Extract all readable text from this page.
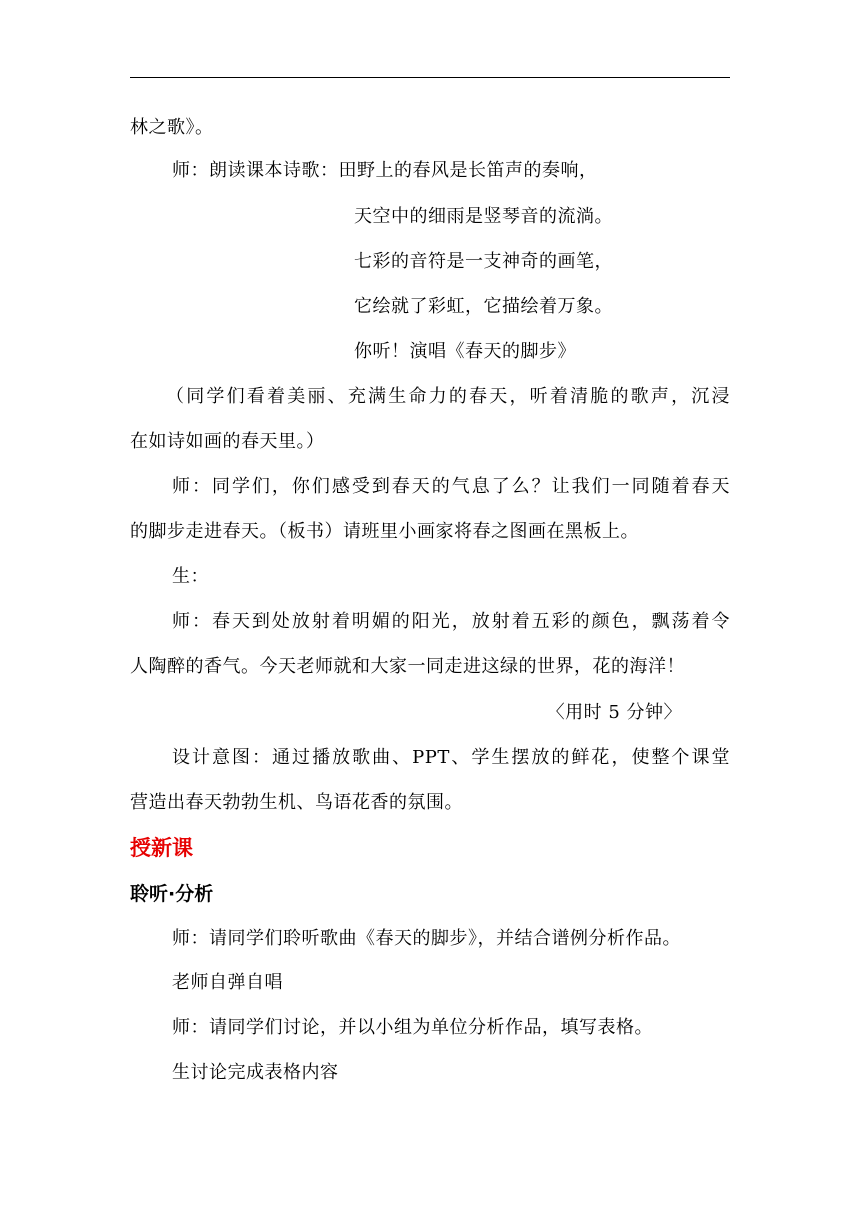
林之歌》。
师：朗读课本诗歌：田野上的春风是长笛声的奏响，
天空中的细雨是竖琴音的流淌。
七彩的音符是一支神奇的画笔，
它绘就了彩虹，它描绘着万象。
你听！演唱《春天的脚步》
（同学们看着美丽、充满生命力的春天，听着清脆的歌声，沉浸
在如诗如画的春天里。）
师：同学们，你们感受到春天的气息了么？让我们一同随着春天
的脚步走进春天。（板书）请班里小画家将春之图画在黑板上。
生：
师：春天到处放射着明媚的阳光，放射着五彩的颜色，飘荡着令
人陶醉的香气。今天老师就和大家一同走进这绿的世界，花的海洋！
〈用时 5 分钟〉
设计意图：通过播放歌曲、PPT、学生摆放的鲜花，使整个课堂
营造出春天勃勃生机、鸟语花香的氛围。
授新课
聆听·分析
师：请同学们聆听歌曲《春天的脚步》，并结合谱例分析作品。
老师自弹自唱
师：请同学们讨论，并以小组为单位分析作品，填写表格。
生讨论完成表格内容
